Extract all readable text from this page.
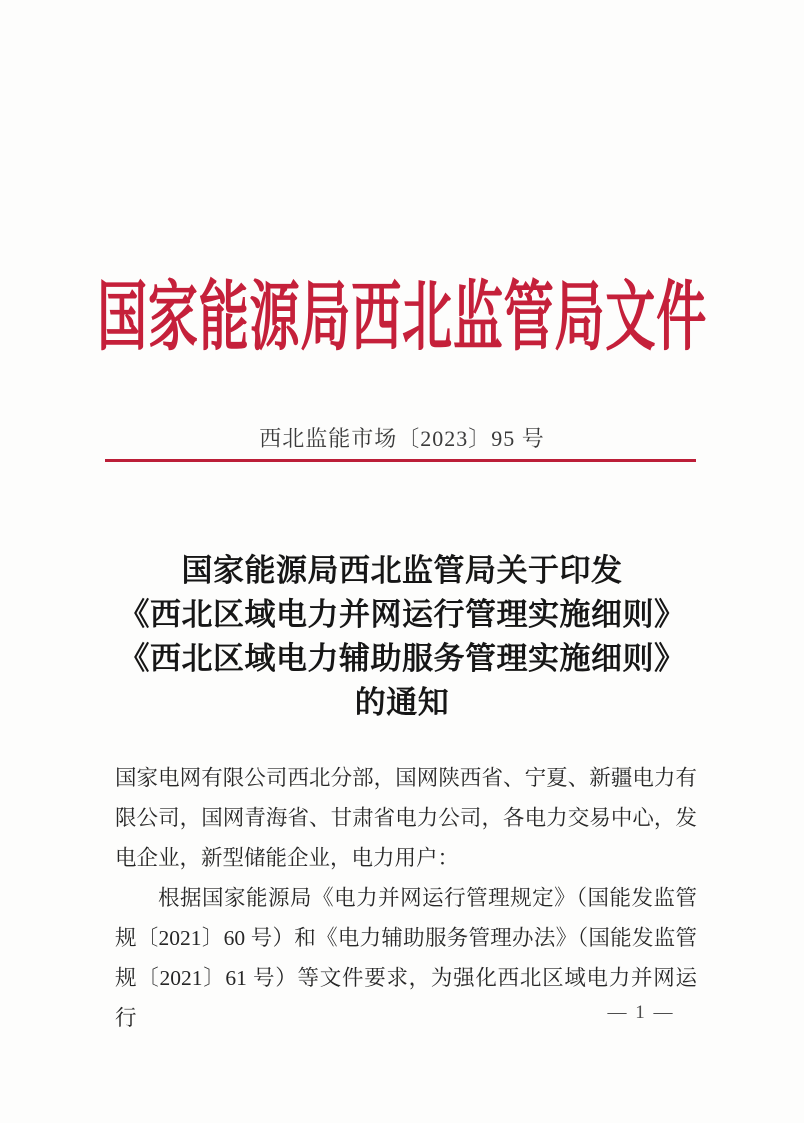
国家能源局西北监管局文件
西北监能市场〔2023〕95 号
国家能源局西北监管局关于印发
《西北区域电力并网运行管理实施细则》
《西北区域电力辅助服务管理实施细则》
的通知
国家电网有限公司西北分部，国网陕西省、宁夏、新疆电力有
限公司，国网青海省、甘肃省电力公司，各电力交易中心，发
电企业，新型储能企业，电力用户：
根据国家能源局《电力并网运行管理规定》（国能发监管
规〔2021〕60 号）和《电力辅助服务管理办法》（国能发监管
规〔2021〕61 号）等文件要求，为强化西北区域电力并网运行	— 1 —
